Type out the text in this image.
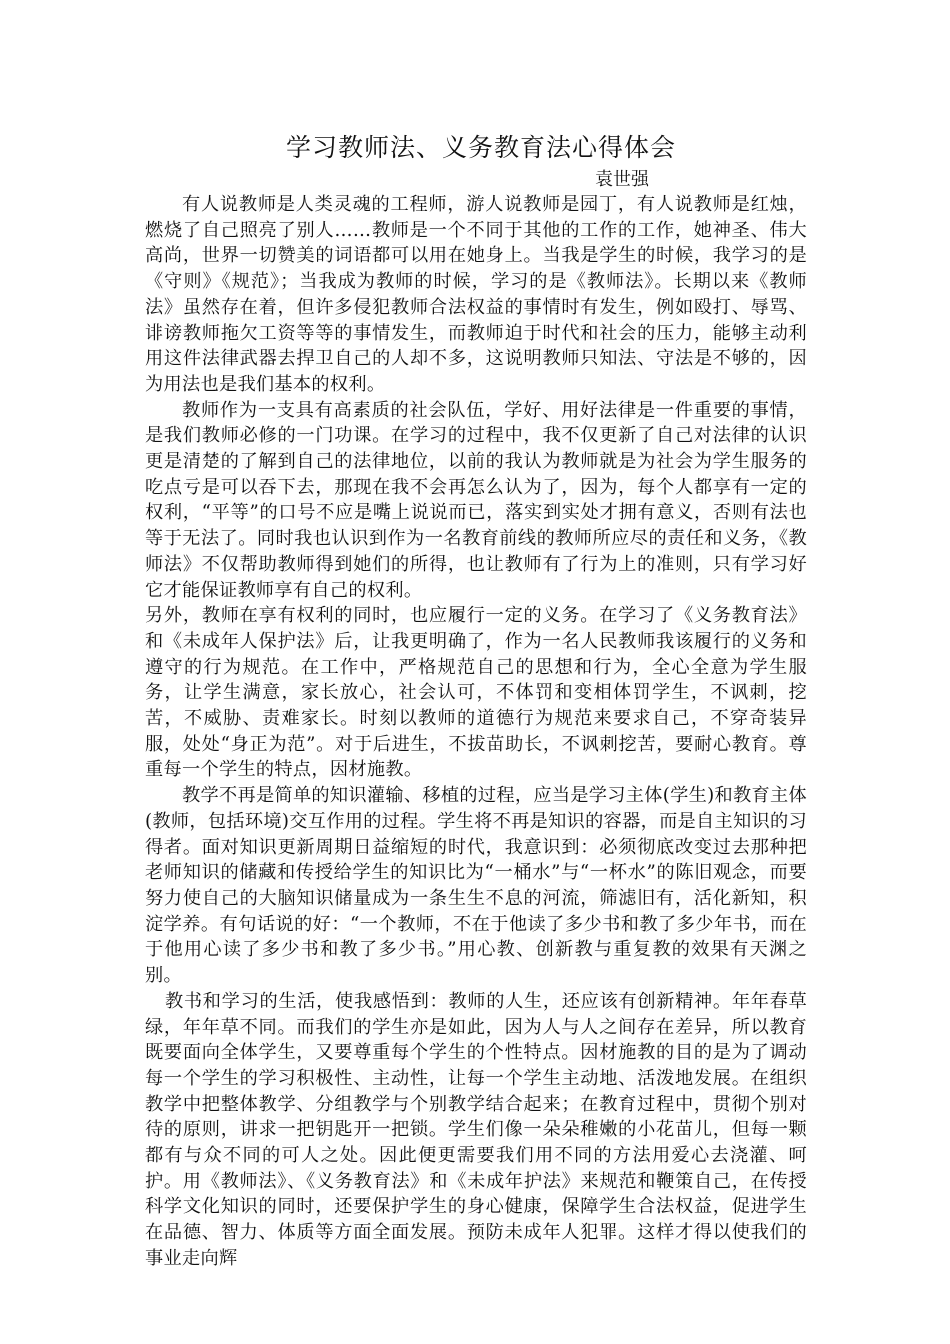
学习教师法、义务教育法心得体会

袁世强

有人说教师是人类灵魂的工程师，游人说教师是园丁，有人说教师是红烛，燃烧了自己照亮了别人……教师是一个不同于其他的工作的工作，她神圣、伟大高尚，世界一切赞美的词语都可以用在她身上。当我是学生的时候，我学习的是《守则》《规范》；当我成为教师的时候，学习的是《教师法》。长期以来《教师法》虽然存在着，但许多侵犯教师合法权益的事情时有发生，例如殴打、辱骂、诽谤教师拖欠工资等等的事情发生，而教师迫于时代和社会的压力，能够主动利用这件法律武器去捍卫自己的人却不多，这说明教师只知法、守法是不够的，因为用法也是我们基本的权利。

教师作为一支具有高素质的社会队伍，学好、用好法律是一件重要的事情，是我们教师必修的一门功课。在学习的过程中，我不仅更新了自己对法律的认识更是清楚的了解到自己的法律地位，以前的我认为教师就是为社会为学生服务的吃点亏是可以吞下去，那现在我不会再怎么认为了，因为，每个人都享有一定的权利，“平等”的口号不应是嘴上说说而已，落实到实处才拥有意义，否则有法也等于无法了。同时我也认识到作为一名教育前线的教师所应尽的责任和义务，《教师法》不仅帮助教师得到她们的所得，也让教师有了行为上的准则，只有学习好它才能保证教师享有自己的权利。

另外，教师在享有权利的同时，也应履行一定的义务。在学习了《义务教育法》和《未成年人保护法》后，让我更明确了，作为一名人民教师我该履行的义务和遵守的行为规范。在工作中，严格规范自己的思想和行为，全心全意为学生服务，让学生满意，家长放心，社会认可，不体罚和变相体罚学生，不讽刺，挖苦，不威胁、责难家长。时刻以教师的道德行为规范来要求自己，不穿奇装异服，处处“身正为范”。对于后进生，不拔苗助长，不讽刺挖苦，要耐心教育。尊重每一个学生的特点，因材施教。

教学不再是简单的知识灌输、移植的过程，应当是学习主体(学生)和教育主体(教师，包括环境)交互作用的过程。学生将不再是知识的容器，而是自主知识的习得者。面对知识更新周期日益缩短的时代，我意识到：必须彻底改变过去那种把老师知识的储藏和传授给学生的知识比为“一桶水”与“一杯水”的陈旧观念，而要努力使自己的大脑知识储量成为一条生生不息的河流，筛滤旧有，活化新知，积淀学养。有句话说的好：“一个教师，不在于他读了多少书和教了多少年书，而在于他用心读了多少书和教了多少书。”用心教、创新教与重复教的效果有天渊之别。

教书和学习的生活，使我感悟到：教师的人生，还应该有创新精神。年年春草绿，年年草不同。而我们的学生亦是如此，因为人与人之间存在差异，所以教育既要面向全体学生，又要尊重每个学生的个性特点。因材施教的目的是为了调动每一个学生的学习积极性、主动性，让每一个学生主动地、活泼地发展。在组织教学中把整体教学、分组教学与个别教学结合起来；在教育过程中，贯彻个别对待的原则，讲求一把钥匙开一把锁。学生们像一朵朵稚嫩的小花苗儿，但每一颗都有与众不同的可人之处。因此便更需要我们用不同的方法用爱心去浇灌、呵护。用《教师法》、《义务教育法》和《未成年护法》来规范和鞭策自己，在传授科学文化知识的同时，还要保护学生的身心健康，保障学生合法权益，促进学生在品德、智力、体质等方面全面发展。预防未成年人犯罪。这样才得以使我们的事业走向辉
